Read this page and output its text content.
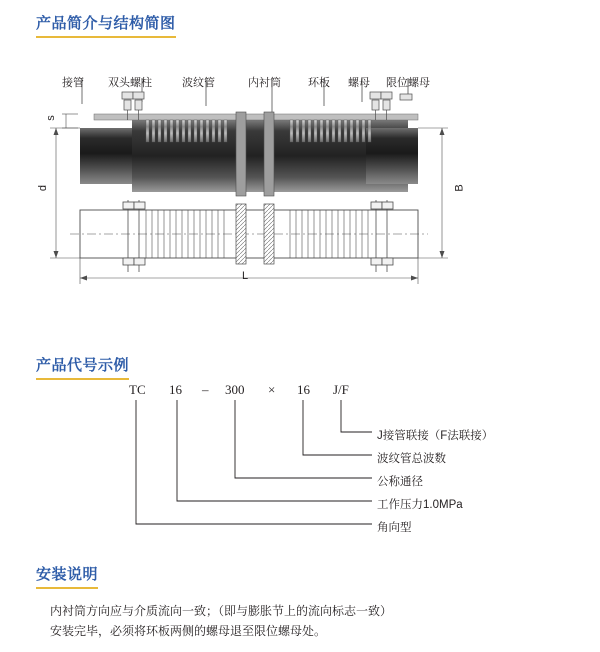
产品简介与结构简图
接管 双头螺柱	波纹管	内衬筒 环板 螺母 限位螺母
s
d	B
L
产品代号示例
TC 16 – 300 × 16 J/F
J接管联接（F法联接）
波纹管总波数
公称通径
工作压力1.0MPa
角向型
安装说明
内衬筒方向应与介质流向一致；（即与膨胀节上的流向标志一致）
安装完毕，必须将环板两侧的螺母退至限位螺母处。
